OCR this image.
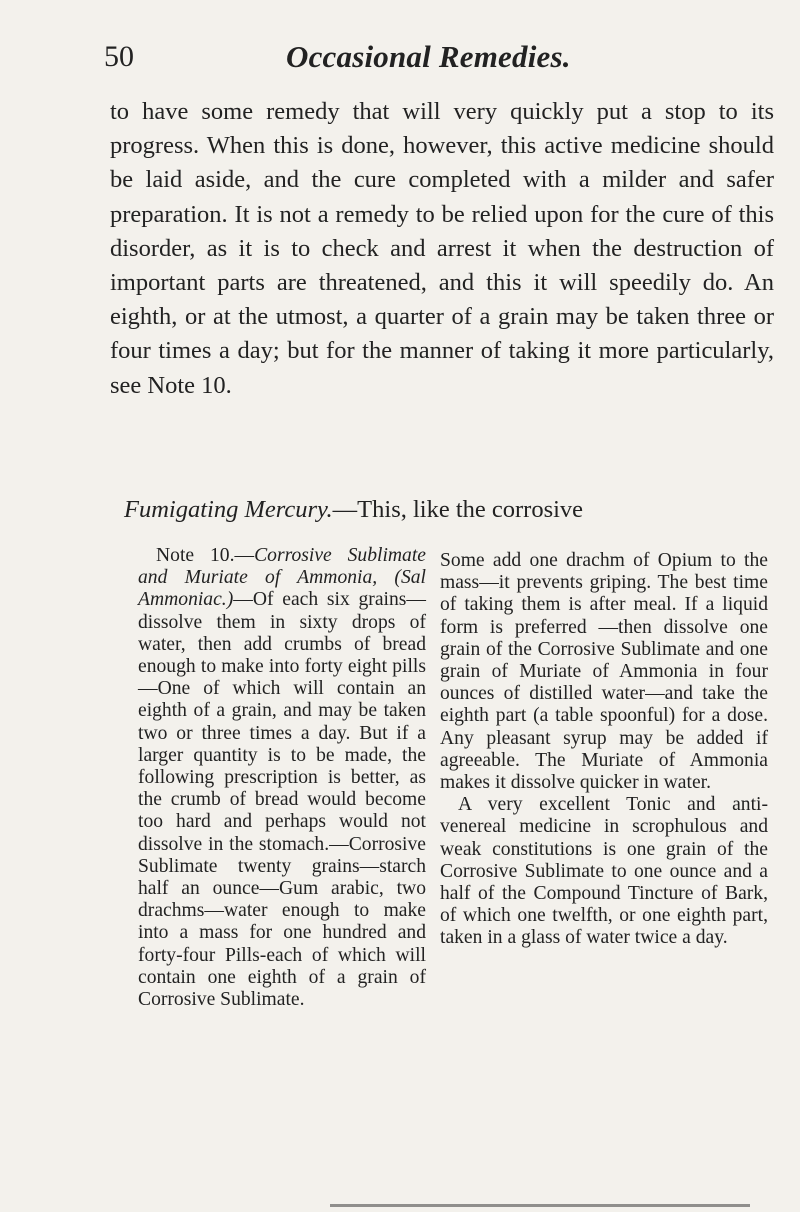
50	Occasional Remedies.

to have some remedy that will very quickly put a stop to its progress. When this is done, however, this active medicine should be laid aside, and the cure completed with a milder and safer preparation. It is not a remedy to be relied upon for the cure of this disorder, as it is to check and arrest it when the destruction of important parts are threatened, and this it will speedily do. An eighth, or at the utmost, a quarter of a grain may be taken three or four times a day; but for the manner of taking it more particularly, see Note 10.

Fumigating Mercury.—This, like the corrosive

Note 10.—Corrosive Sublimate and Muriate of Ammonia, (Sal Ammoniac.)—Of each six grains—dissolve them in sixty drops of water, then add crumbs of bread enough to make into forty eight pills—One of which will contain an eighth of a grain, and may be taken two or three times a day. But if a larger quantity is to be made, the following prescription is better, as the crumb of bread would become too hard and perhaps would not dissolve in the stomach.—Corrosive Sublimate twenty grains—starch half an ounce—Gum arabic, two drachms—water enough to make into a mass for one hundred and forty-four Pills-each of which will contain one eighth of a grain of Corrosive Sublimate.

Some add one drachm of Opium to the mass—it prevents griping. The best time of taking them is after meal. If a liquid form is preferred —then dissolve one grain of the Corrosive Sublimate and one grain of Muriate of Ammonia in four ounces of distilled water—and take the eighth part (a table spoonful) for a dose. Any pleasant syrup may be added if agreeable. The Muriate of Ammonia makes it dissolve quicker in water.

A very excellent Tonic and anti-venereal medicine in scrophulous and weak constitutions is one grain of the Corrosive Sublimate to one ounce and a half of the Compound Tincture of Bark, of which one twelfth, or one eighth part, taken in a glass of water twice a day.
